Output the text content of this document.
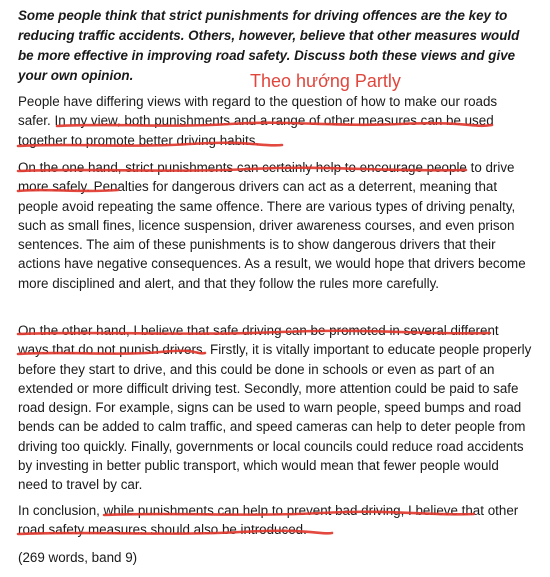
Some people think that strict punishments for driving offences are the key to reducing traffic accidents. Others, however, believe that other measures would be more effective in improving road safety. Discuss both these views and give your own opinion.	Theo hướng Partly

People have differing views with regard to the question of how to make our roads safer. In my view, both punishments and a range of other measures can be used together to promote better driving habits.

On the one hand, strict punishments can certainly help to encourage people to drive more safely. Penalties for dangerous drivers can act as a deterrent, meaning that people avoid repeating the same offence. There are various types of driving penalty, such as small fines, licence suspension, driver awareness courses, and even prison sentences. The aim of these punishments is to show dangerous drivers that their actions have negative consequences. As a result, we would hope that drivers become more disciplined and alert, and that they follow the rules more carefully.

On the other hand, I believe that safe driving can be promoted in several different ways that do not punish drivers. Firstly, it is vitally important to educate people properly before they start to drive, and this could be done in schools or even as part of an extended or more difficult driving test. Secondly, more attention could be paid to safe road design. For example, signs can be used to warn people, speed bumps and road bends can be added to calm traffic, and speed cameras can help to deter people from driving too quickly. Finally, governments or local councils could reduce road accidents by investing in better public transport, which would mean that fewer people would need to travel by car.

In conclusion, while punishments can help to prevent bad driving, I believe that other road safety measures should also be introduced.

(269 words, band 9)
